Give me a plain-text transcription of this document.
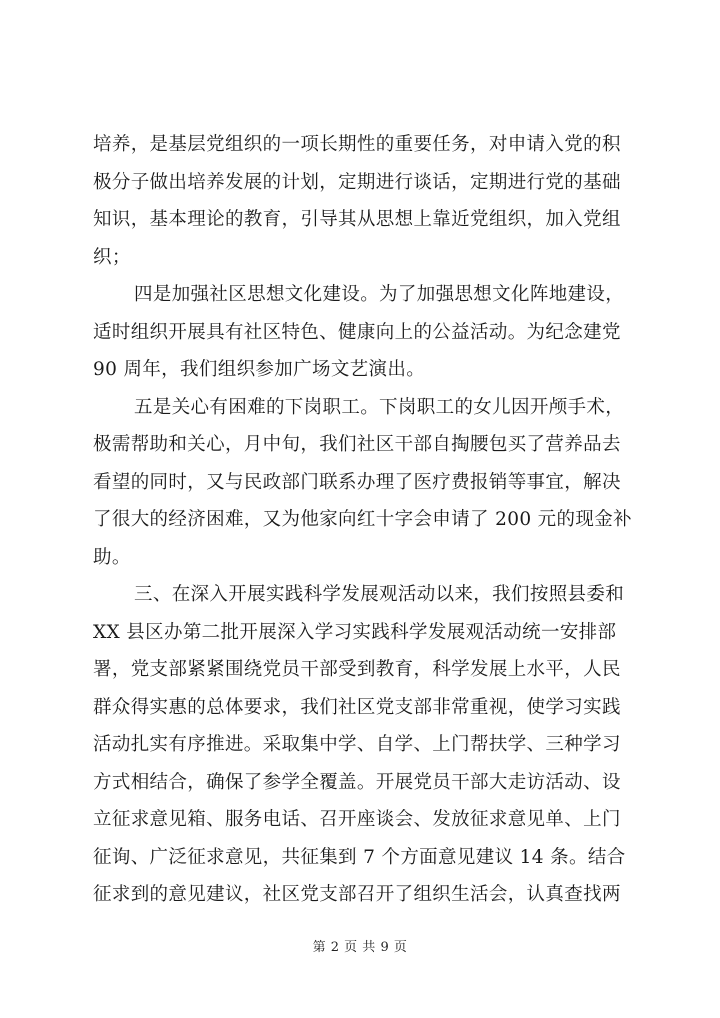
培养，是基层党组织的一项长期性的重要任务，对申请入党的积
极分子做出培养发展的计划，定期进行谈话，定期进行党的基础
知识，基本理论的教育，引导其从思想上靠近党组织，加入党组
织；
四是加强社区思想文化建设。为了加强思想文化阵地建设，
适时组织开展具有社区特色、健康向上的公益活动。为纪念建党
90 周年，我们组织参加广场文艺演出。
五是关心有困难的下岗职工。下岗职工的女儿因开颅手术，
极需帮助和关心，月中旬，我们社区干部自掏腰包买了营养品去
看望的同时，又与民政部门联系办理了医疗费报销等事宜，解决
了很大的经济困难，又为他家向红十字会申请了 200 元的现金补
助。
三、在深入开展实践科学发展观活动以来，我们按照县委和
XX 县区办第二批开展深入学习实践科学发展观活动统一安排部
署，党支部紧紧围绕党员干部受到教育，科学发展上水平，人民
群众得实惠的总体要求，我们社区党支部非常重视，使学习实践
活动扎实有序推进。采取集中学、自学、上门帮扶学、三种学习
方式相结合，确保了参学全覆盖。开展党员干部大走访活动、设
立征求意见箱、服务电话、召开座谈会、发放征求意见单、上门
征询、广泛征求意见，共征集到 7 个方面意见建议 14 条。结合
征求到的意见建议，社区党支部召开了组织生活会，认真查找两
第 2 页 共 9 页
